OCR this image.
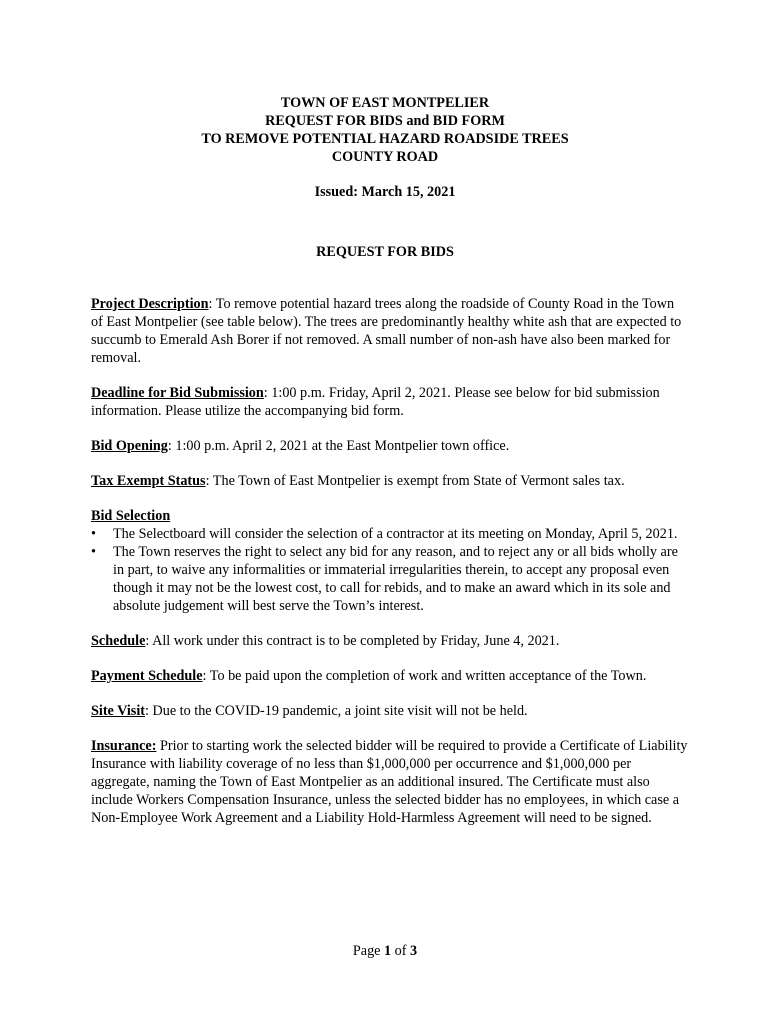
TOWN OF EAST MONTPELIER
REQUEST FOR BIDS and BID FORM
TO REMOVE POTENTIAL HAZARD ROADSIDE TREES
COUNTY ROAD
Issued: March 15, 2021
REQUEST FOR BIDS

Project Description: To remove potential hazard trees along the roadside of County Road in the Town of East Montpelier (see table below). The trees are predominantly healthy white ash that are expected to succumb to Emerald Ash Borer if not removed. A small number of non-ash have also been marked for removal.

Deadline for Bid Submission: 1:00 p.m. Friday, April 2, 2021. Please see below for bid submission information. Please utilize the accompanying bid form.

Bid Opening: 1:00 p.m. April 2, 2021 at the East Montpelier town office.

Tax Exempt Status: The Town of East Montpelier is exempt from State of Vermont sales tax.

Bid Selection
• The Selectboard will consider the selection of a contractor at its meeting on Monday, April 5, 2021.
• The Town reserves the right to select any bid for any reason, and to reject any or all bids wholly are in part, to waive any informalities or immaterial irregularities therein, to accept any proposal even though it may not be the lowest cost, to call for rebids, and to make an award which in its sole and absolute judgement will best serve the Town’s interest.

Schedule: All work under this contract is to be completed by Friday, June 4, 2021.

Payment Schedule: To be paid upon the completion of work and written acceptance of the Town.

Site Visit: Due to the COVID-19 pandemic, a joint site visit will not be held.

Insurance: Prior to starting work the selected bidder will be required to provide a Certificate of Liability Insurance with liability coverage of no less than $1,000,000 per occurrence and $1,000,000 per aggregate, naming the Town of East Montpelier as an additional insured. The Certificate must also include Workers Compensation Insurance, unless the selected bidder has no employees, in which case a Non-Employee Work Agreement and a Liability Hold-Harmless Agreement will need to be signed.

Page 1 of 3
